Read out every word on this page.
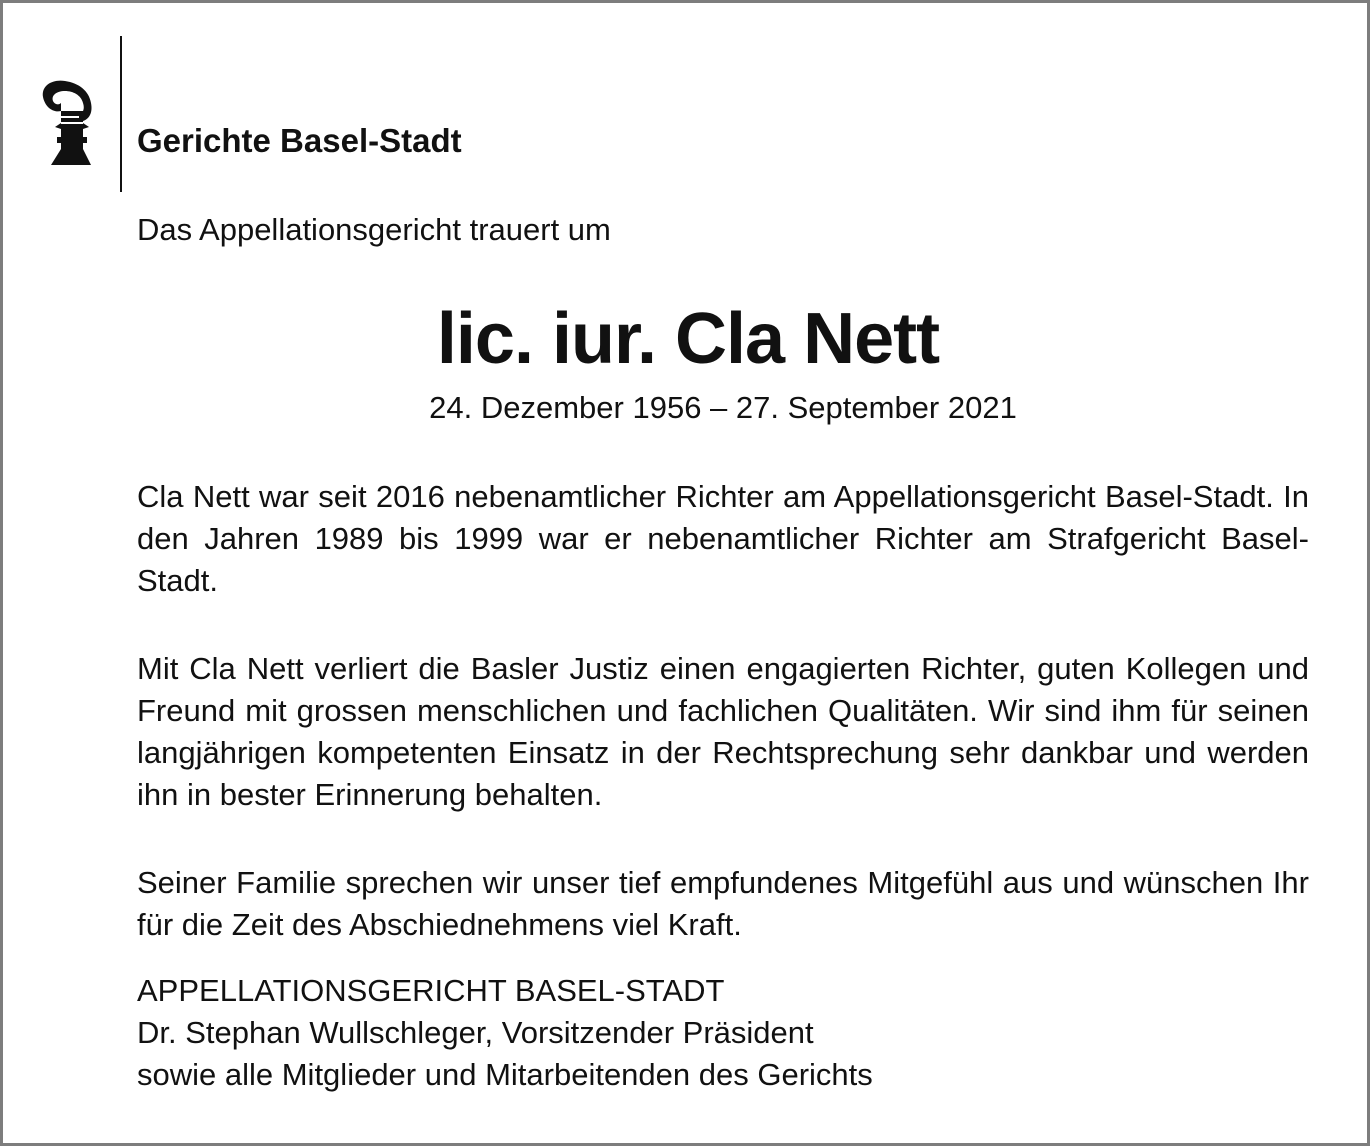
Gerichte Basel-Stadt
Das Appellationsgericht trauert um
lic. iur. Cla Nett
24. Dezember 1956 – 27. September 2021

Cla Nett war seit 2016 nebenamtlicher Richter am Appellationsgericht Basel-Stadt. In den Jahren 1989 bis 1999 war er nebenamtlicher Richter am Strafgericht Basel-Stadt.

Mit Cla Nett verliert die Basler Justiz einen engagierten Richter, guten Kollegen und Freund mit grossen menschlichen und fachlichen Qualitäten. Wir sind ihm für seinen langjährigen kompetenten Einsatz in der Rechtsprechung sehr dankbar und werden ihn in bester Erinnerung behalten.

Seiner Familie sprechen wir unser tief empfundenes Mitgefühl aus und wünschen Ihr für die Zeit des Abschiednehmens viel Kraft.

APPELLATIONSGERICHT BASEL-STADT
Dr. Stephan Wullschleger, Vorsitzender Präsident
sowie alle Mitglieder und Mitarbeitenden des Gerichts
